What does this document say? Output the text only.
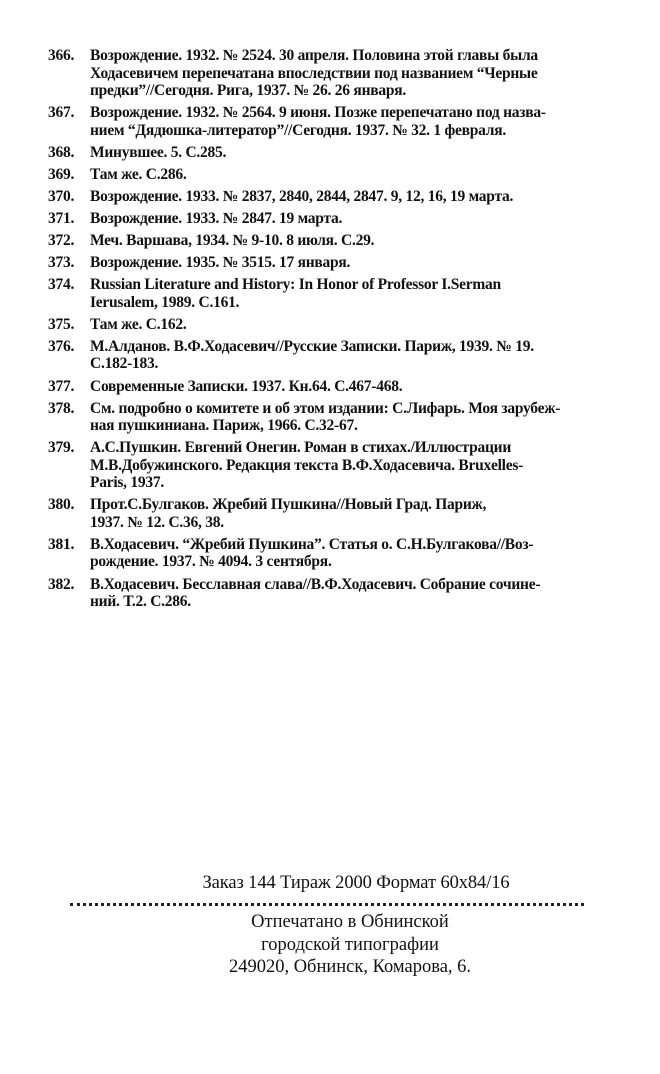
366.	Возрождение. 1932. № 2524. 30 апреля. Половина этой главы была
Ходасевичем перепечатана впоследствии под названием “Черные
предки”//Сегодня. Рига, 1937. № 26. 26 января.
367.	Возрождение. 1932. № 2564. 9 июня. Позже перепечатано под назва-
нием “Дядюшка-литератор”//Сегодня. 1937. № 32. 1 февраля.
368.	Минувшее. 5. С.285.
369.	Там же. С.286.
370.	Возрождение. 1933. № 2837, 2840, 2844, 2847. 9, 12, 16, 19 марта.
371.	Возрождение. 1933. № 2847. 19 марта.
372.	Меч. Варшава, 1934. № 9-10. 8 июля. С.29.
373.	Возрождение. 1935. № 3515. 17 января.
374.	Russian Literature and History: In Honor of Professor I.Serman
Ierusalem, 1989. С.161.
375.	Там же. С.162.
376.	М.Алданов. В.Ф.Ходасевич//Русские Записки. Париж, 1939. № 19.
С.182-183.
377.	Современные Записки. 1937. Кн.64. С.467-468.
378.	См. подробно о комитете и об этом издании: С.Лифарь. Моя зарубеж-
ная пушкиниана. Париж, 1966. С.32-67.
379.	А.С.Пушкин. Евгений Онегин. Роман в стихах./Иллюстрации
М.В.Добужинского. Редакция текста В.Ф.Ходасевича. Bruxelles-
Paris, 1937.
380.	Прот.С.Булгаков. Жребий Пушкина//Новый Град. Париж,
1937. № 12. С.36, 38.
381.	В.Ходасевич. “Жребий Пушкина”. Статья о. С.Н.Булгакова//Воз-
рождение. 1937. № 4094. 3 сентября.
382.	В.Ходасевич. Бесславная слава//В.Ф.Ходасевич. Собрание сочине-
ний. Т.2. С.286.
Заказ 144 Тираж 2000 Формат 60х84/16
Отпечатано в Обнинской
городской типографии
249020, Обнинск, Комарова, 6.
